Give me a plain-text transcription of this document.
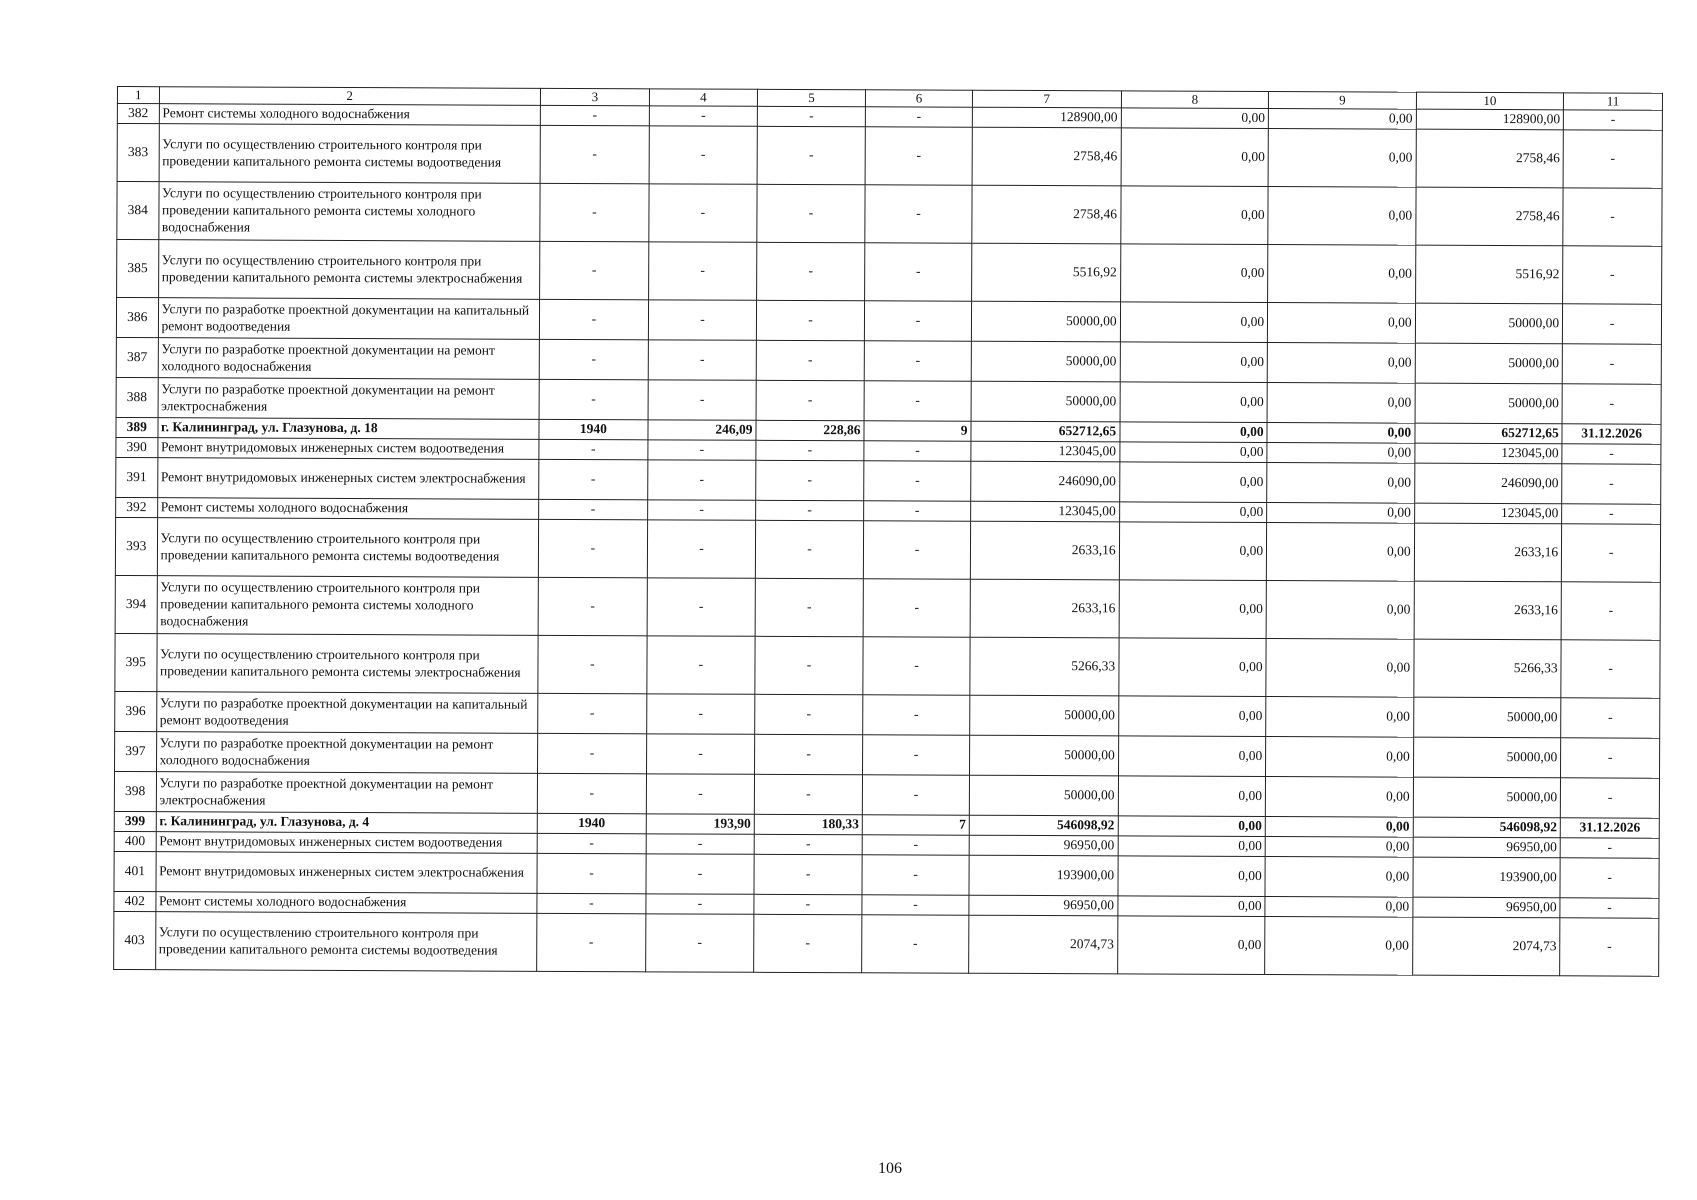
1	2	3	4	5	6	7	8	9	10	11
382	Ремонт системы холодного водоснабжения	-	-	-	-	128900,00	0,00	0,00	128900,00	-
383	Услуги по осуществлению строительного контроля при проведении капитального ремонта системы водоотведения	-	-	-	-	2758,46	0,00	0,00	2758,46	-
384	Услуги по осуществлению строительного контроля при проведении капитального ремонта системы холодного водоснабжения	-	-	-	-	2758,46	0,00	0,00	2758,46	-
385	Услуги по осуществлению строительного контроля при проведении капитального ремонта системы электроснабжения	-	-	-	-	5516,92	0,00	0,00	5516,92	-
386	Услуги по разработке проектной документации на капитальный ремонт водоотведения	-	-	-	-	50000,00	0,00	0,00	50000,00	-
387	Услуги по разработке проектной документации на ремонт холодного водоснабжения	-	-	-	-	50000,00	0,00	0,00	50000,00	-
388	Услуги по разработке проектной документации на ремонт электроснабжения	-	-	-	-	50000,00	0,00	0,00	50000,00	-
389	г. Калининград, ул. Глазунова, д. 18	1940	246,09	228,86	9	652712,65	0,00	0,00	652712,65	31.12.2026
390	Ремонт внутридомовых инженерных систем водоотведения	-	-	-	-	123045,00	0,00	0,00	123045,00	-
391	Ремонт внутридомовых инженерных систем электроснабжения	-	-	-	-	246090,00	0,00	0,00	246090,00	-
392	Ремонт системы холодного водоснабжения	-	-	-	-	123045,00	0,00	0,00	123045,00	-
393	Услуги по осуществлению строительного контроля при проведении капитального ремонта системы водоотведения	-	-	-	-	2633,16	0,00	0,00	2633,16	-
394	Услуги по осуществлению строительного контроля при проведении капитального ремонта системы холодного водоснабжения	-	-	-	-	2633,16	0,00	0,00	2633,16	-
395	Услуги по осуществлению строительного контроля при проведении капитального ремонта системы электроснабжения	-	-	-	-	5266,33	0,00	0,00	5266,33	-
396	Услуги по разработке проектной документации на капитальный ремонт водоотведения	-	-	-	-	50000,00	0,00	0,00	50000,00	-
397	Услуги по разработке проектной документации на ремонт холодного водоснабжения	-	-	-	-	50000,00	0,00	0,00	50000,00	-
398	Услуги по разработке проектной документации на ремонт электроснабжения	-	-	-	-	50000,00	0,00	0,00	50000,00	-
399	г. Калининград, ул. Глазунова, д. 4	1940	193,90	180,33	7	546098,92	0,00	0,00	546098,92	31.12.2026
400	Ремонт внутридомовых инженерных систем водоотведения	-	-	-	-	96950,00	0,00	0,00	96950,00	-
401	Ремонт внутридомовых инженерных систем электроснабжения	-	-	-	-	193900,00	0,00	0,00	193900,00	-
402	Ремонт системы холодного водоснабжения	-	-	-	-	96950,00	0,00	0,00	96950,00	-
403	Услуги по осуществлению строительного контроля при проведении капитального ремонта системы водоотведения	-	-	-	-	2074,73	0,00	0,00	2074,73	-
106
